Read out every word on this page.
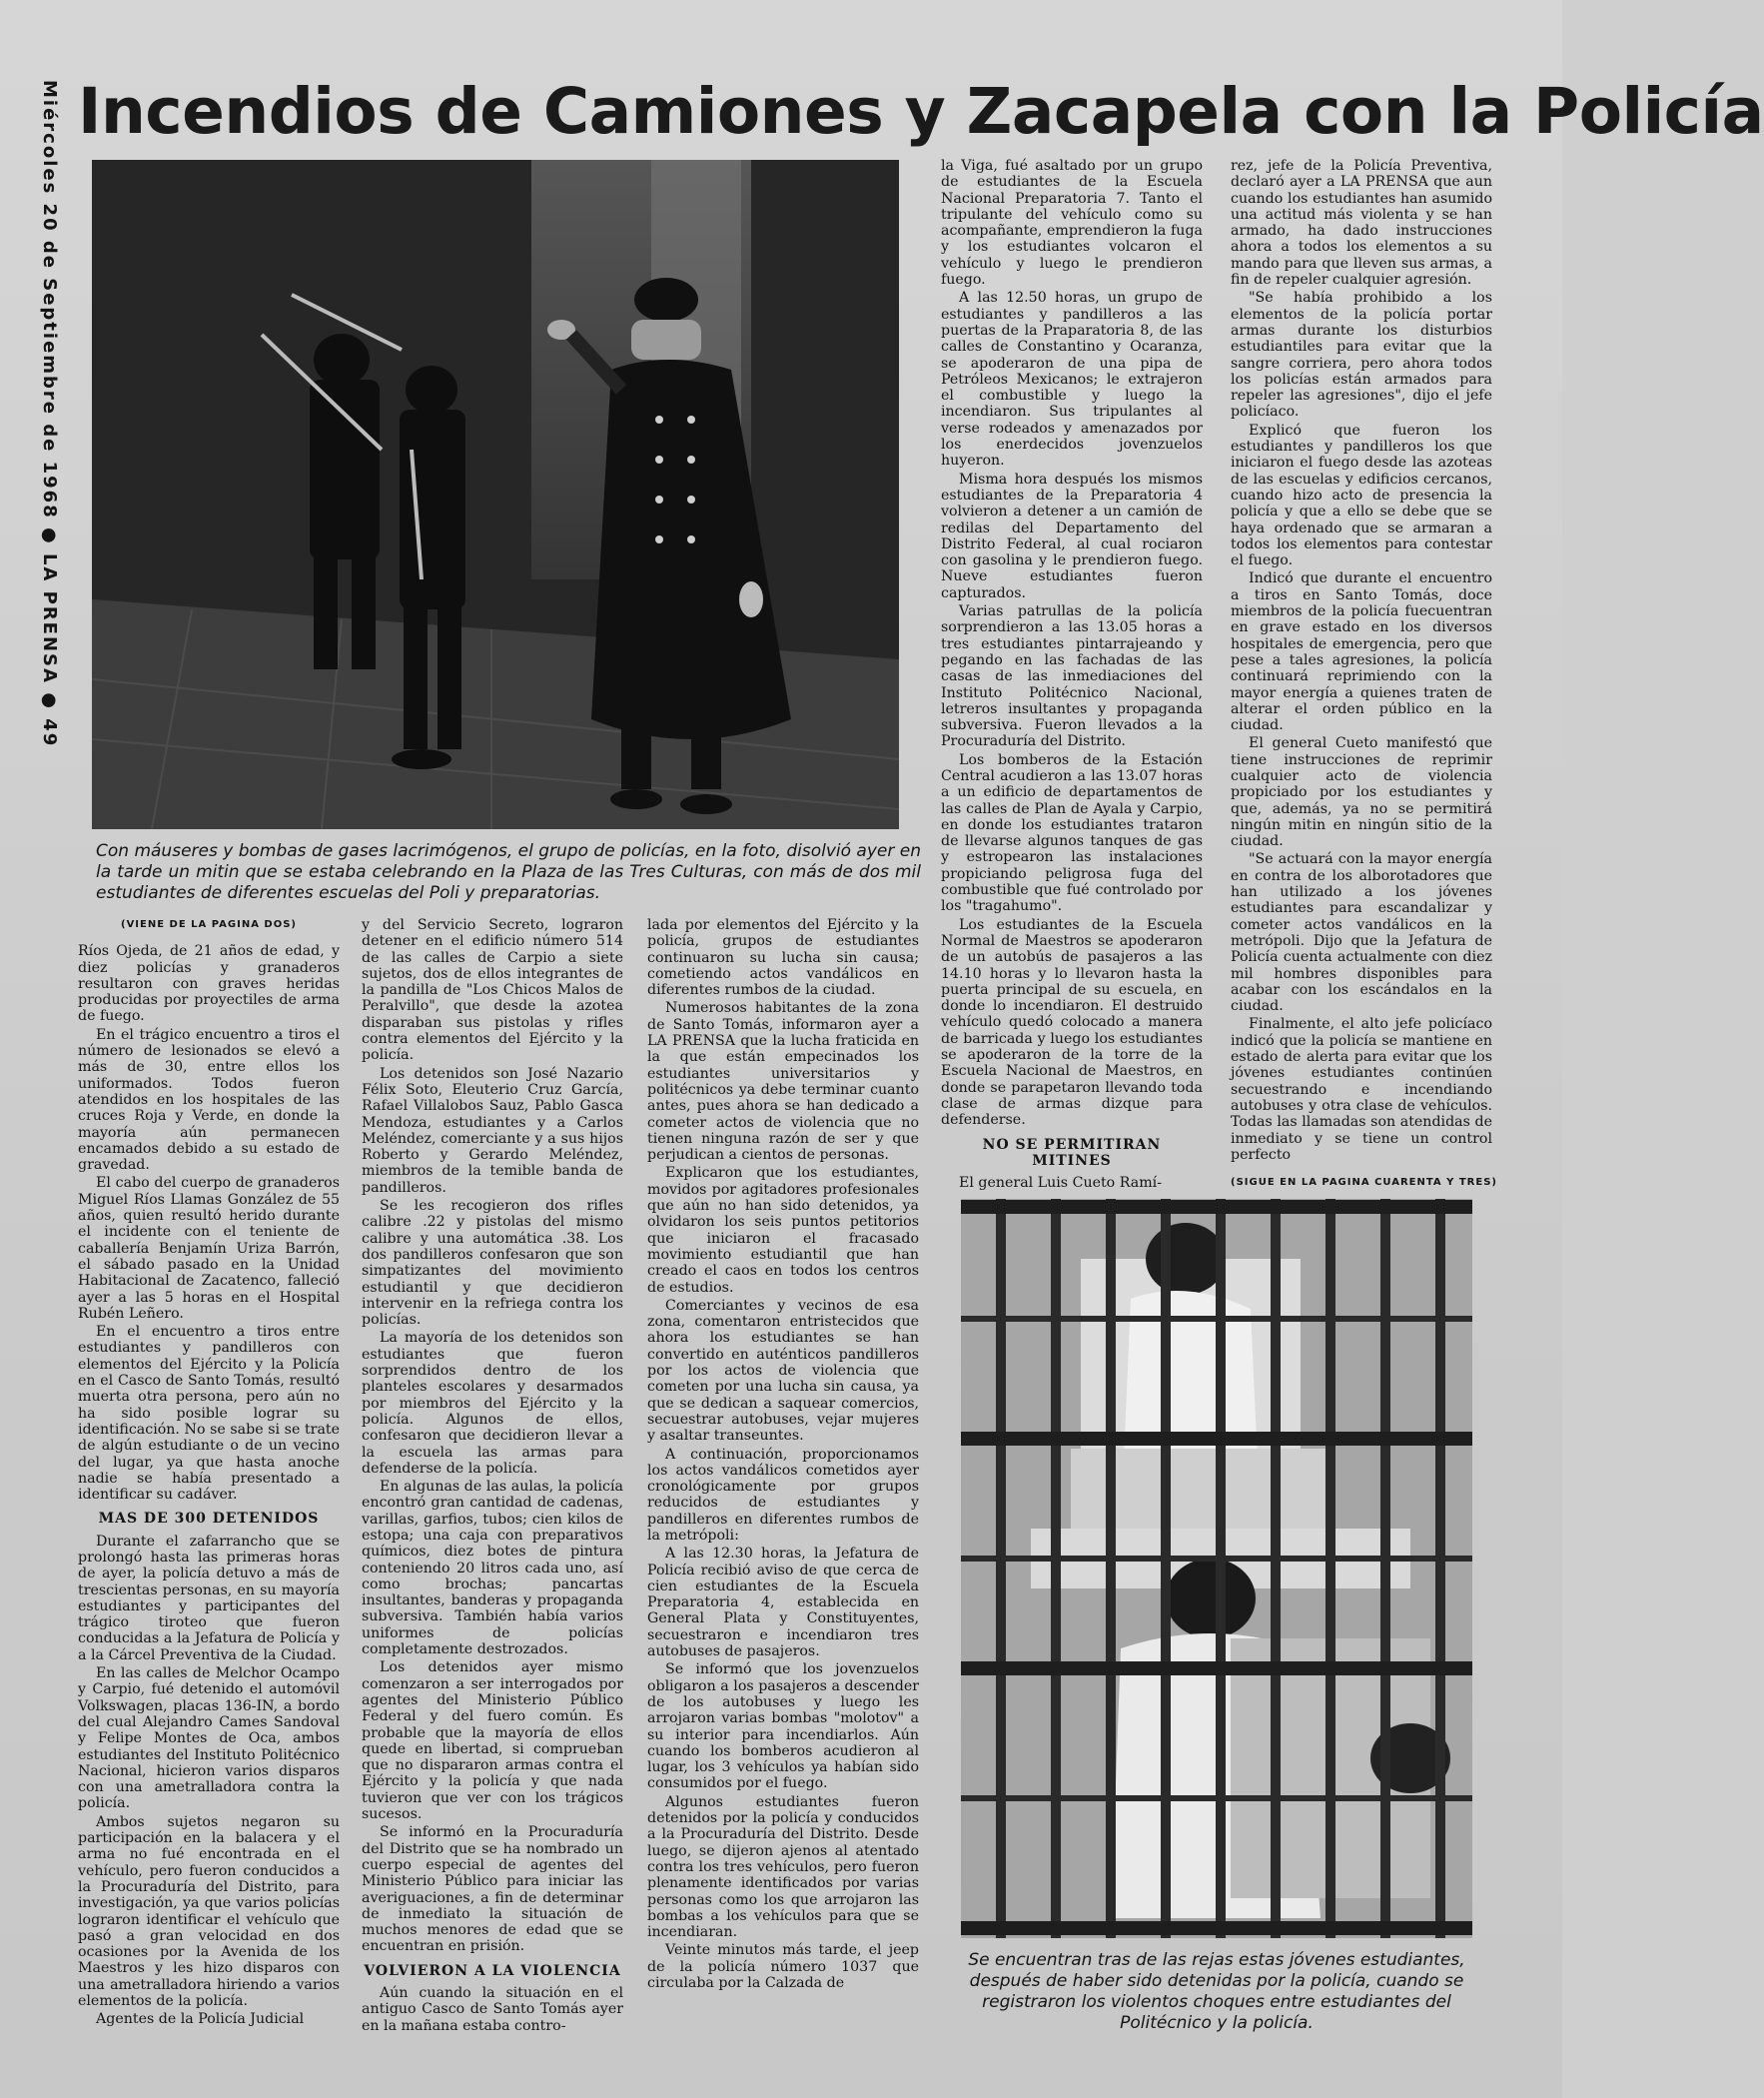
Miércoles 20 de Septiembre de 1968 ● LA PRENSA ● 49 Incendios de Camiones y Zacapela con la Policía
Con máuseres y bombas de gases lacrimógenos, el grupo de policías, en la foto, disolvió ayer en la tarde un mitin que se estaba celebrando en la Plaza de las Tres Culturas, con más de dos mil estudiantes de diferentes escuelas del Poli y preparatorias.
(VIENE DE LA PAGINA DOS)

Ríos Ojeda, de 21 años de edad, y diez policías y granaderos resultaron con graves heridas producidas por proyectiles de arma de fuego.

En el trágico encuentro a tiros el número de lesionados se elevó a más de 30, entre ellos los uniformados. Todos fueron atendidos en los hospitales de las cruces Roja y Verde, en donde la mayoría aún permanecen encamados debido a su estado de gravedad.

El cabo del cuerpo de granaderos Miguel Ríos Llamas González de 55 años, quien resultó herido durante el incidente con el teniente de caballería Benjamín Uriza Barrón, el sábado pasado en la Unidad Habitacional de Zacatenco, falleció ayer a las 5 horas en el Hospital Rubén Leñero.

En el encuentro a tiros entre estudiantes y pandilleros con elementos del Ejército y la Policía en el Casco de Santo Tomás, resultó muerta otra persona, pero aún no ha sido posible lograr su identificación. No se sabe si se trate de algún estudiante o de un vecino del lugar, ya que hasta anoche nadie se había presentado a identificar su cadáver.

MAS DE 300 DETENIDOS

Durante el zafarrancho que se prolongó hasta las primeras horas de ayer, la policía detuvo a más de trescientas personas, en su mayoría estudiantes y participantes del trágico tiroteo que fueron conducidas a la Jefatura de Policía y a la Cárcel Preventiva de la Ciudad.

En las calles de Melchor Ocampo y Carpio, fué detenido el automóvil Volkswagen, placas 136-IN, a bordo del cual Alejandro Cames Sandoval y Felipe Montes de Oca, ambos estudiantes del Instituto Politécnico Nacional, hicieron varios disparos con una ametralladora contra la policía.

Ambos sujetos negaron su participación en la balacera y el arma no fué encontrada en el vehículo, pero fueron conducidos a la Procuraduría del Distrito, para investigación, ya que varios policías lograron identificar el vehículo que pasó a gran velocidad en dos ocasiones por la Avenida de los Maestros y les hizo disparos con una ametralladora hiriendo a varios elementos de la policía.

Agentes de la Policía Judicial

y del Servicio Secreto, lograron detener en el edificio número 514 de las calles de Carpio a siete sujetos, dos de ellos integrantes de la pandilla de "Los Chicos Malos de Peralvillo", que desde la azotea disparaban sus pistolas y rifles contra elementos del Ejército y la policía.

Los detenidos son José Nazario Félix Soto, Eleuterio Cruz García, Rafael Villalobos Sauz, Pablo Gasca Mendoza, estudiantes y a Carlos Meléndez, comerciante y a sus hijos Roberto y Gerardo Meléndez, miembros de la temible banda de pandilleros.

Se les recogieron dos rifles calibre .22 y pistolas del mismo calibre y una automática .38. Los dos pandilleros confesaron que son simpatizantes del movimiento estudiantil y que decidieron intervenir en la refriega contra los policías.

La mayoría de los detenidos son estudiantes que fueron sorprendidos dentro de los planteles escolares y desarmados por miembros del Ejército y la policía. Algunos de ellos, confesaron que decidieron llevar a la escuela las armas para defenderse de la policía.

En algunas de las aulas, la policía encontró gran cantidad de cadenas, varillas, garfios, tubos; cien kilos de estopa; una caja con preparativos químicos, diez botes de pintura conteniendo 20 litros cada uno, así como brochas; pancartas insultantes, banderas y propaganda subversiva. También había varios uniformes de policías completamente destrozados.

Los detenidos ayer mismo comenzaron a ser interrogados por agentes del Ministerio Público Federal y del fuero común. Es probable que la mayoría de ellos quede en libertad, si comprueban que no dispararon armas contra el Ejército y la policía y que nada tuvieron que ver con los trágicos sucesos.

Se informó en la Procuraduría del Distrito que se ha nombrado un cuerpo especial de agentes del Ministerio Público para iniciar las averiguaciones, a fin de determinar de inmediato la situación de muchos menores de edad que se encuentran en prisión.

VOLVIERON A LA VIOLENCIA

Aún cuando la situación en el antiguo Casco de Santo Tomás ayer en la mañana estaba contro-

lada por elementos del Ejército y la policía, grupos de estudiantes continuaron su lucha sin causa; cometiendo actos vandálicos en diferentes rumbos de la ciudad.

Numerosos habitantes de la zona de Santo Tomás, informaron ayer a LA PRENSA que la lucha fraticida en la que están empecinados los estudiantes universitarios y politécnicos ya debe terminar cuanto antes, pues ahora se han dedicado a cometer actos de violencia que no tienen ninguna razón de ser y que perjudican a cientos de personas.

Explicaron que los estudiantes, movidos por agitadores profesionales que aún no han sido detenidos, ya olvidaron los seis puntos petitorios que iniciaron el fracasado movimiento estudiantil que han creado el caos en todos los centros de estudios.

Comerciantes y vecinos de esa zona, comentaron entristecidos que ahora los estudiantes se han convertido en auténticos pandilleros por los actos de violencia que cometen por una lucha sin causa, ya que se dedican a saquear comercios, secuestrar autobuses, vejar mujeres y asaltar transeuntes.

A continuación, proporcionamos los actos vandálicos cometidos ayer cronológicamente por grupos reducidos de estudiantes y pandilleros en diferentes rumbos de la metrópoli:

A las 12.30 horas, la Jefatura de Policía recibió aviso de que cerca de cien estudiantes de la Escuela Preparatoria 4, establecida en General Plata y Constituyentes, secuestraron e incendiaron tres autobuses de pasajeros.

Se informó que los jovenzuelos obligaron a los pasajeros a descender de los autobuses y luego les arrojaron varias bombas "molotov" a su interior para incendiarlos. Aún cuando los bomberos acudieron al lugar, los 3 vehículos ya habían sido consumidos por el fuego.

Algunos estudiantes fueron detenidos por la policía y conducidos a la Procuraduría del Distrito. Desde luego, se dijeron ajenos al atentado contra los tres vehículos, pero fueron plenamente identificados por varias personas como los que arrojaron las bombas a los vehículos para que se incendiaran.

Veinte minutos más tarde, el jeep de la policía número 1037 que circulaba por la Calzada de

la Viga, fué asaltado por un grupo de estudiantes de la Escuela Nacional Preparatoria 7. Tanto el tripulante del vehículo como su acompañante, emprendieron la fuga y los estudiantes volcaron el vehículo y luego le prendieron fuego.

A las 12.50 horas, un grupo de estudiantes y pandilleros a las puertas de la Praparatoria 8, de las calles de Constantino y Ocaranza, se apoderaron de una pipa de Petróleos Mexicanos; le extrajeron el combustible y luego la incendiaron. Sus tripulantes al verse rodeados y amenazados por los enerdecidos jovenzuelos huyeron.

Misma hora después los mismos estudiantes de la Preparatoria 4 volvieron a detener a un camión de redilas del Departamento del Distrito Federal, al cual rociaron con gasolina y le prendieron fuego. Nueve estudiantes fueron capturados.

Varias patrullas de la policía sorprendieron a las 13.05 horas a tres estudiantes pintarrajeando y pegando en las fachadas de las casas de las inmediaciones del Instituto Politécnico Nacional, letreros insultantes y propaganda subversiva. Fueron llevados a la Procuraduría del Distrito.

Los bomberos de la Estación Central acudieron a las 13.07 horas a un edificio de departamentos de las calles de Plan de Ayala y Carpio, en donde los estudiantes trataron de llevarse algunos tanques de gas y estropearon las instalaciones propiciando peligrosa fuga del combustible que fué controlado por los "tragahumo".

Los estudiantes de la Escuela Normal de Maestros se apoderaron de un autobús de pasajeros a las 14.10 horas y lo llevaron hasta la puerta principal de su escuela, en donde lo incendiaron. El destruido vehículo quedó colocado a manera de barricada y luego los estudiantes se apoderaron de la torre de la Escuela Nacional de Maestros, en donde se parapetaron llevando toda clase de armas dizque para defenderse.

NO SE PERMITIRAN MITINES

El general Luis Cueto Ramí-

rez, jefe de la Policía Preventiva, declaró ayer a LA PRENSA que aun cuando los estudiantes han asumido una actitud más violenta y se han armado, ha dado instrucciones ahora a todos los elementos a su mando para que lleven sus armas, a fin de repeler cualquier agresión.

"Se había prohibido a los elementos de la policía portar armas durante los disturbios estudiantiles para evitar que la sangre corriera, pero ahora todos los policías están armados para repeler las agresiones", dijo el jefe policíaco.

Explicó que fueron los estudiantes y pandilleros los que iniciaron el fuego desde las azoteas de las escuelas y edificios cercanos, cuando hizo acto de presencia la policía y que a ello se debe que se haya ordenado que se armaran a todos los elementos para contestar el fuego.

Indicó que durante el encuentro a tiros en Santo Tomás, doce miembros de la policía fuecuentran en grave estado en los diversos hospitales de emergencia, pero que pese a tales agresiones, la policía continuará reprimiendo con la mayor energía a quienes traten de alterar el orden público en la ciudad.

El general Cueto manifestó que tiene instrucciones de reprimir cualquier acto de violencia propiciado por los estudiantes y que, además, ya no se permitirá ningún mitin en ningún sitio de la ciudad.

"Se actuará con la mayor energía en contra de los alborotadores que han utilizado a los jóvenes estudiantes para escandalizar y cometer actos vandálicos en la metrópoli. Dijo que la Jefatura de Policía cuenta actualmente con diez mil hombres disponibles para acabar con los escándalos en la ciudad.

Finalmente, el alto jefe policíaco indicó que la policía se mantiene en estado de alerta para evitar que los jóvenes estudiantes continúen secuestrando e incendiando autobuses y otra clase de vehículos. Todas las llamadas son atendidas de inmediato y se tiene un control perfecto

(SIGUE EN LA PAGINA CUARENTA Y TRES)
Se encuentran tras de las rejas estas jóvenes estudiantes, después de haber sido detenidas por la policía, cuando se registraron los violentos choques entre estudiantes del Politécnico y la policía.
